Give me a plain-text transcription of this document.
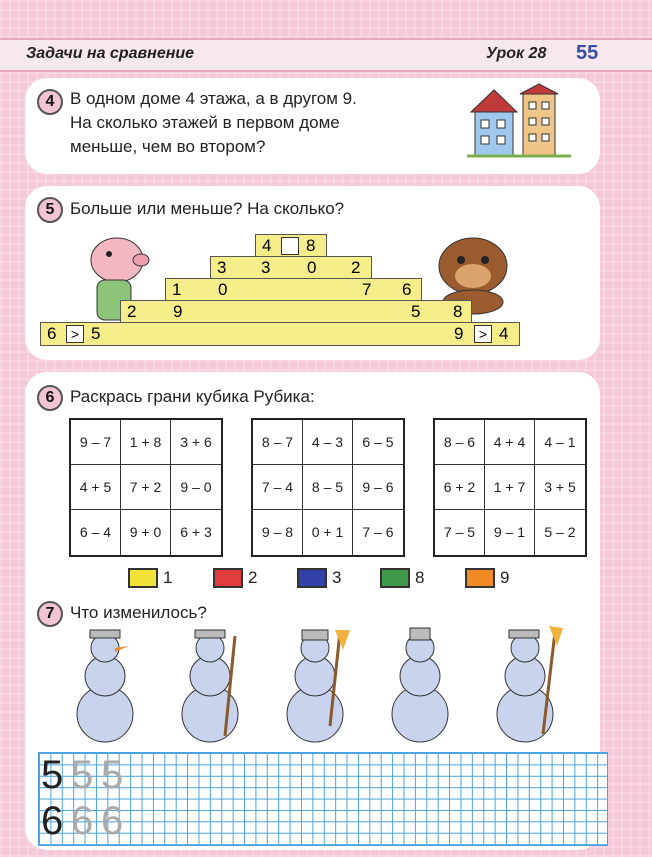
Задачи на сравнение	Урок 28 55
4 В одном доме 4 этажа, а в другом 9.
На сколько этажей в первом доме
меньше, чем во втором?
5 Больше или меньше? На сколько?
4 8
3 3 0 2
1 0	7 6
2 9	5 8
6	> 5	9	> 4
6 Раскрась грани кубика Рубика:
9 – 7	1 + 8	3 + 6
4 + 5	7 + 2	9 – 0
6 – 4	9 + 0	6 + 3
8 – 7	4 – 3	6 – 5
7 – 4	8 – 5	9 – 6
9 – 8	0 + 1	7 – 6
8 – 6	4 + 4	4 – 1
6 + 2	1 + 7	3 + 5
7 – 5	9 – 1	5 – 2
1	2	3	8	9
7 Что изменилось?
5 5 5
6 6 6
